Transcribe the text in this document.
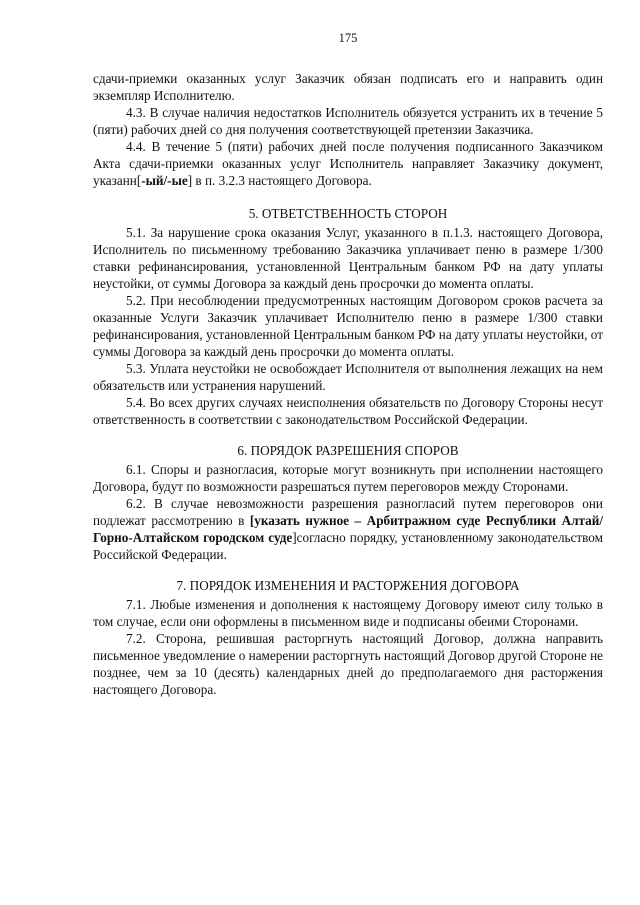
175

сдачи-приемки оказанных услуг Заказчик обязан подписать его и направить один экземпляр Исполнителю.

4.3. В случае наличия недостатков Исполнитель обязуется устранить их в течение 5 (пяти) рабочих дней со дня получения соответствующей претензии Заказчика.

4.4. В течение 5 (пяти) рабочих дней после получения подписанного Заказчиком Акта сдачи-приемки оказанных услуг Исполнитель направляет Заказчику документ, указанн[-ый/-ые] в п. 3.2.3 настоящего Договора.

5. ОТВЕТСТВЕННОСТЬ СТОРОН

5.1. За нарушение срока оказания Услуг, указанного в п.1.3. настоящего Договора, Исполнитель по письменному требованию Заказчика уплачивает пеню в размере 1/300 ставки рефинансирования, установленной Центральным банком РФ на дату уплаты неустойки, от суммы Договора за каждый день просрочки до момента оплаты.

5.2. При несоблюдении предусмотренных настоящим Договором сроков расчета за оказанные Услуги Заказчик уплачивает Исполнителю пеню в размере 1/300 ставки рефинансирования, установленной Центральным банком РФ на дату уплаты неустойки, от суммы Договора за каждый день просрочки до момента оплаты.

5.3. Уплата неустойки не освобождает Исполнителя от выполнения лежащих на нем обязательств или устранения нарушений.

5.4. Во всех других случаях неисполнения обязательств по Договору Стороны несут ответственность в соответствии с законодательством Российской Федерации.

6. ПОРЯДОК РАЗРЕШЕНИЯ СПОРОВ

6.1. Споры и разногласия, которые могут возникнуть при исполнении настоящего Договора, будут по возможности разрешаться путем переговоров между Сторонами.

6.2. В случае невозможности разрешения разногласий путем переговоров они подлежат рассмотрению в [указать нужное – Арбитражном суде Республики Алтай/Горно-Алтайском городском суде]согласно порядку, установленному законодательством Российской Федерации.

7. ПОРЯДОК ИЗМЕНЕНИЯ И РАСТОРЖЕНИЯ ДОГОВОРА

7.1. Любые изменения и дополнения к настоящему Договору имеют силу только в том случае, если они оформлены в письменном виде и подписаны обеими Сторонами.

7.2. Сторона, решившая расторгнуть настоящий Договор, должна направить письменное уведомление о намерении расторгнуть настоящий Договор другой Стороне не позднее, чем за 10 (десять) календарных дней до предполагаемого дня расторжения настоящего Договора.
